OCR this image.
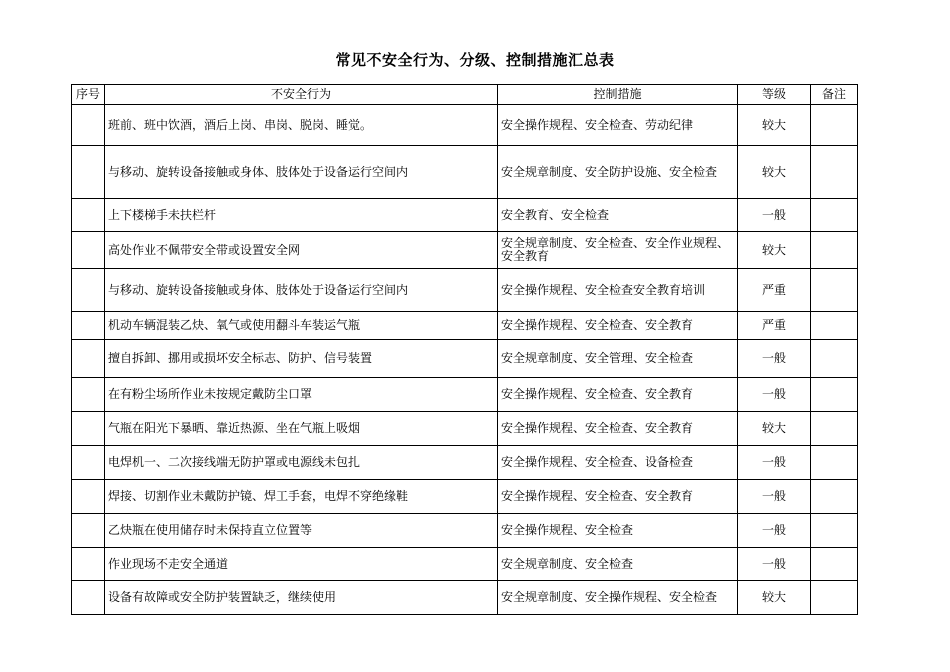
常见不安全行为、分级、控制措施汇总表
序号	不安全行为	控制措施	等级	备注
	班前、班中饮酒，酒后上岗、串岗、脱岗、睡觉。	安全操作规程、安全检查、劳动纪律	较大	
	与移动、旋转设备接触或身体、肢体处于设备运行空间内	安全规章制度、安全防护设施、安全检查	较大	
	上下楼梯手未扶栏杆	安全教育、安全检查	一般	
	高处作业不佩带安全带或设置安全网	安全规章制度、安全检查、安全作业规程、安全教育	较大	
	与移动、旋转设备接触或身体、肢体处于设备运行空间内	安全操作规程、安全检查安全教育培训	严重	
	机动车辆混装乙炔、氧气或使用翻斗车装运气瓶	安全操作规程、安全检查、安全教育	严重	
	擅自拆卸、挪用或损坏安全标志、防护、信号装置	安全规章制度、安全管理、安全检查	一般	
	在有粉尘场所作业未按规定戴防尘口罩	安全操作规程、安全检查、安全教育	一般	
	气瓶在阳光下暴晒、靠近热源、坐在气瓶上吸烟	安全操作规程、安全检查、安全教育	较大	
	电焊机一、二次接线端无防护罩或电源线未包扎	安全操作规程、安全检查、设备检查	一般	
	焊接、切割作业未戴防护镜、焊工手套，电焊不穿绝缘鞋	安全操作规程、安全检查、安全教育	一般	
	乙炔瓶在使用储存时未保持直立位置等	安全操作规程、安全检查	一般	
	作业现场不走安全通道	安全规章制度、安全检查	一般	
	设备有故障或安全防护装置缺乏，继续使用	安全规章制度、安全操作规程、安全检查	较大	
